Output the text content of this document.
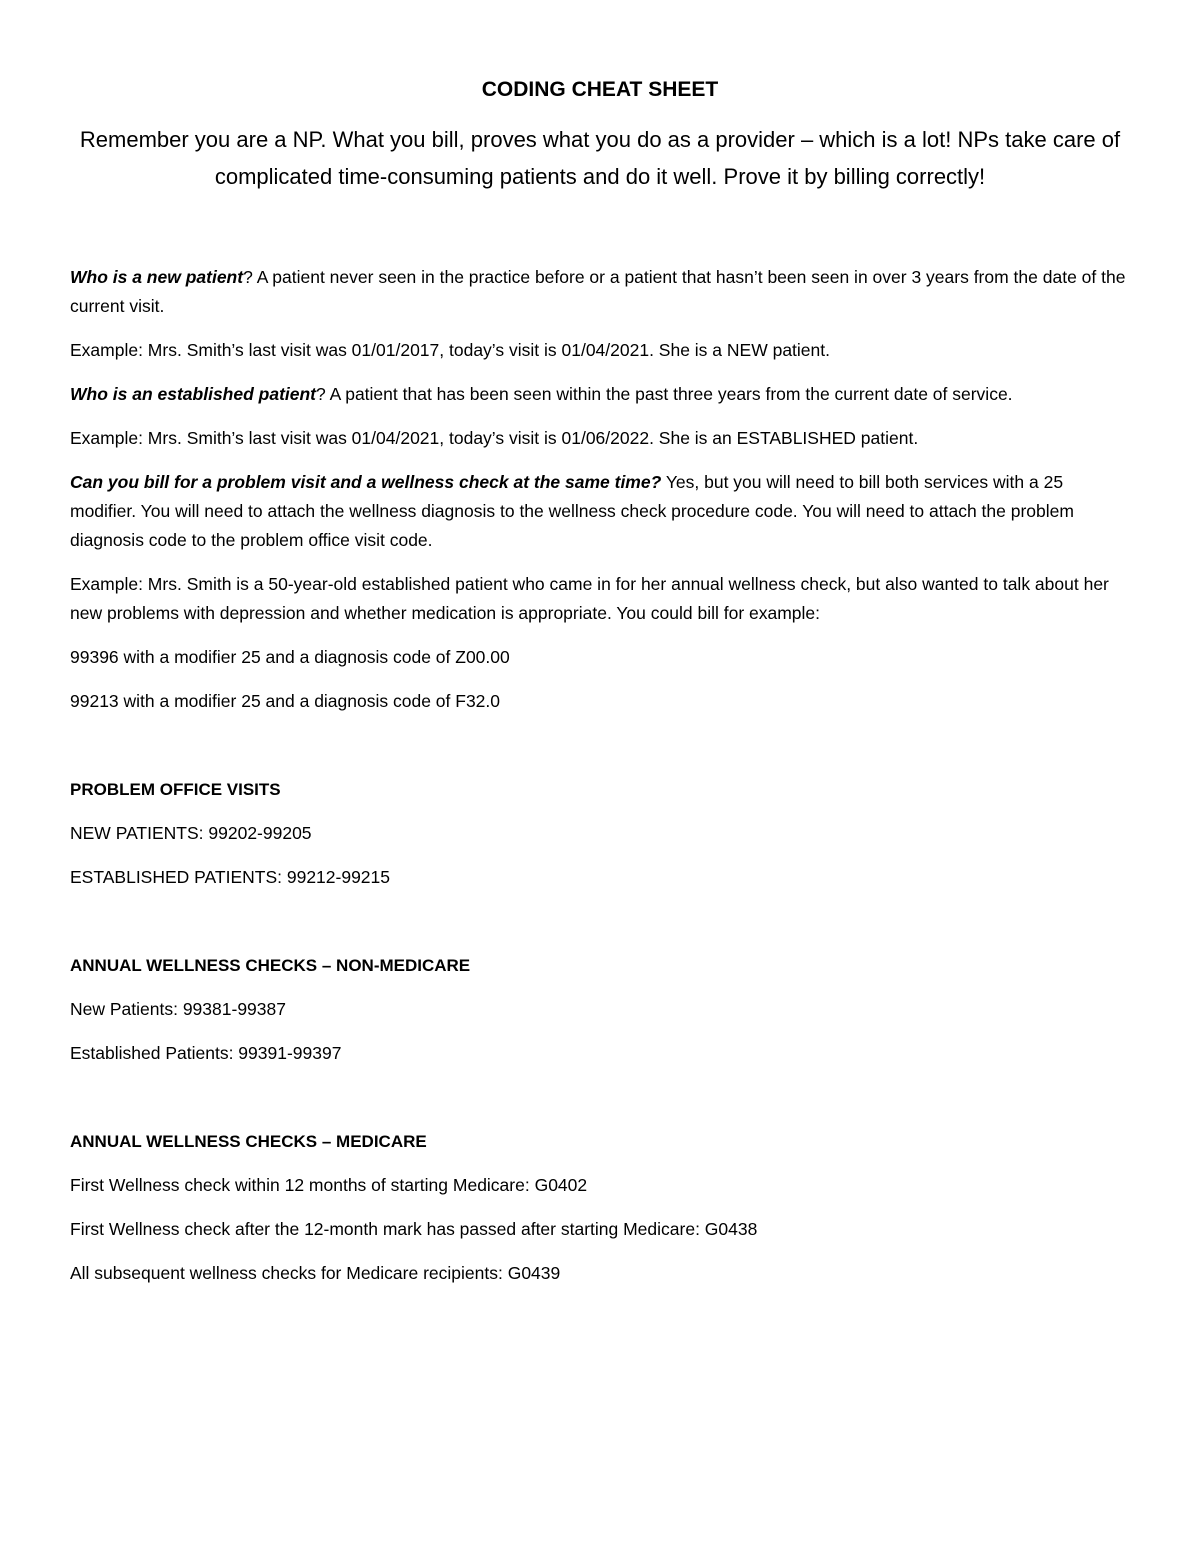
CODING CHEAT SHEET

Remember you are a NP. What you bill, proves what you do as a provider – which is a lot! NPs take care of complicated time-consuming patients and do it well. Prove it by billing correctly!

Who is a new patient? A patient never seen in the practice before or a patient that hasn’t been seen in over 3 years from the date of the current visit.

Example: Mrs. Smith’s last visit was 01/01/2017, today’s visit is 01/04/2021. She is a NEW patient.

Who is an established patient? A patient that has been seen within the past three years from the current date of service.

Example: Mrs. Smith’s last visit was 01/04/2021, today’s visit is 01/06/2022. She is an ESTABLISHED patient.

Can you bill for a problem visit and a wellness check at the same time? Yes, but you will need to bill both services with a 25 modifier. You will need to attach the wellness diagnosis to the wellness check procedure code. You will need to attach the problem diagnosis code to the problem office visit code.

Example: Mrs. Smith is a 50-year-old established patient who came in for her annual wellness check, but also wanted to talk about her new problems with depression and whether medication is appropriate. You could bill for example:

99396 with a modifier 25 and a diagnosis code of Z00.00

99213 with a modifier 25 and a diagnosis code of F32.0

PROBLEM OFFICE VISITS

NEW PATIENTS: 99202-99205

ESTABLISHED PATIENTS: 99212-99215

ANNUAL WELLNESS CHECKS – NON-MEDICARE

New Patients: 99381-99387

Established Patients: 99391-99397

ANNUAL WELLNESS CHECKS – MEDICARE

First Wellness check within 12 months of starting Medicare: G0402

First Wellness check after the 12-month mark has passed after starting Medicare: G0438

All subsequent wellness checks for Medicare recipients: G0439
